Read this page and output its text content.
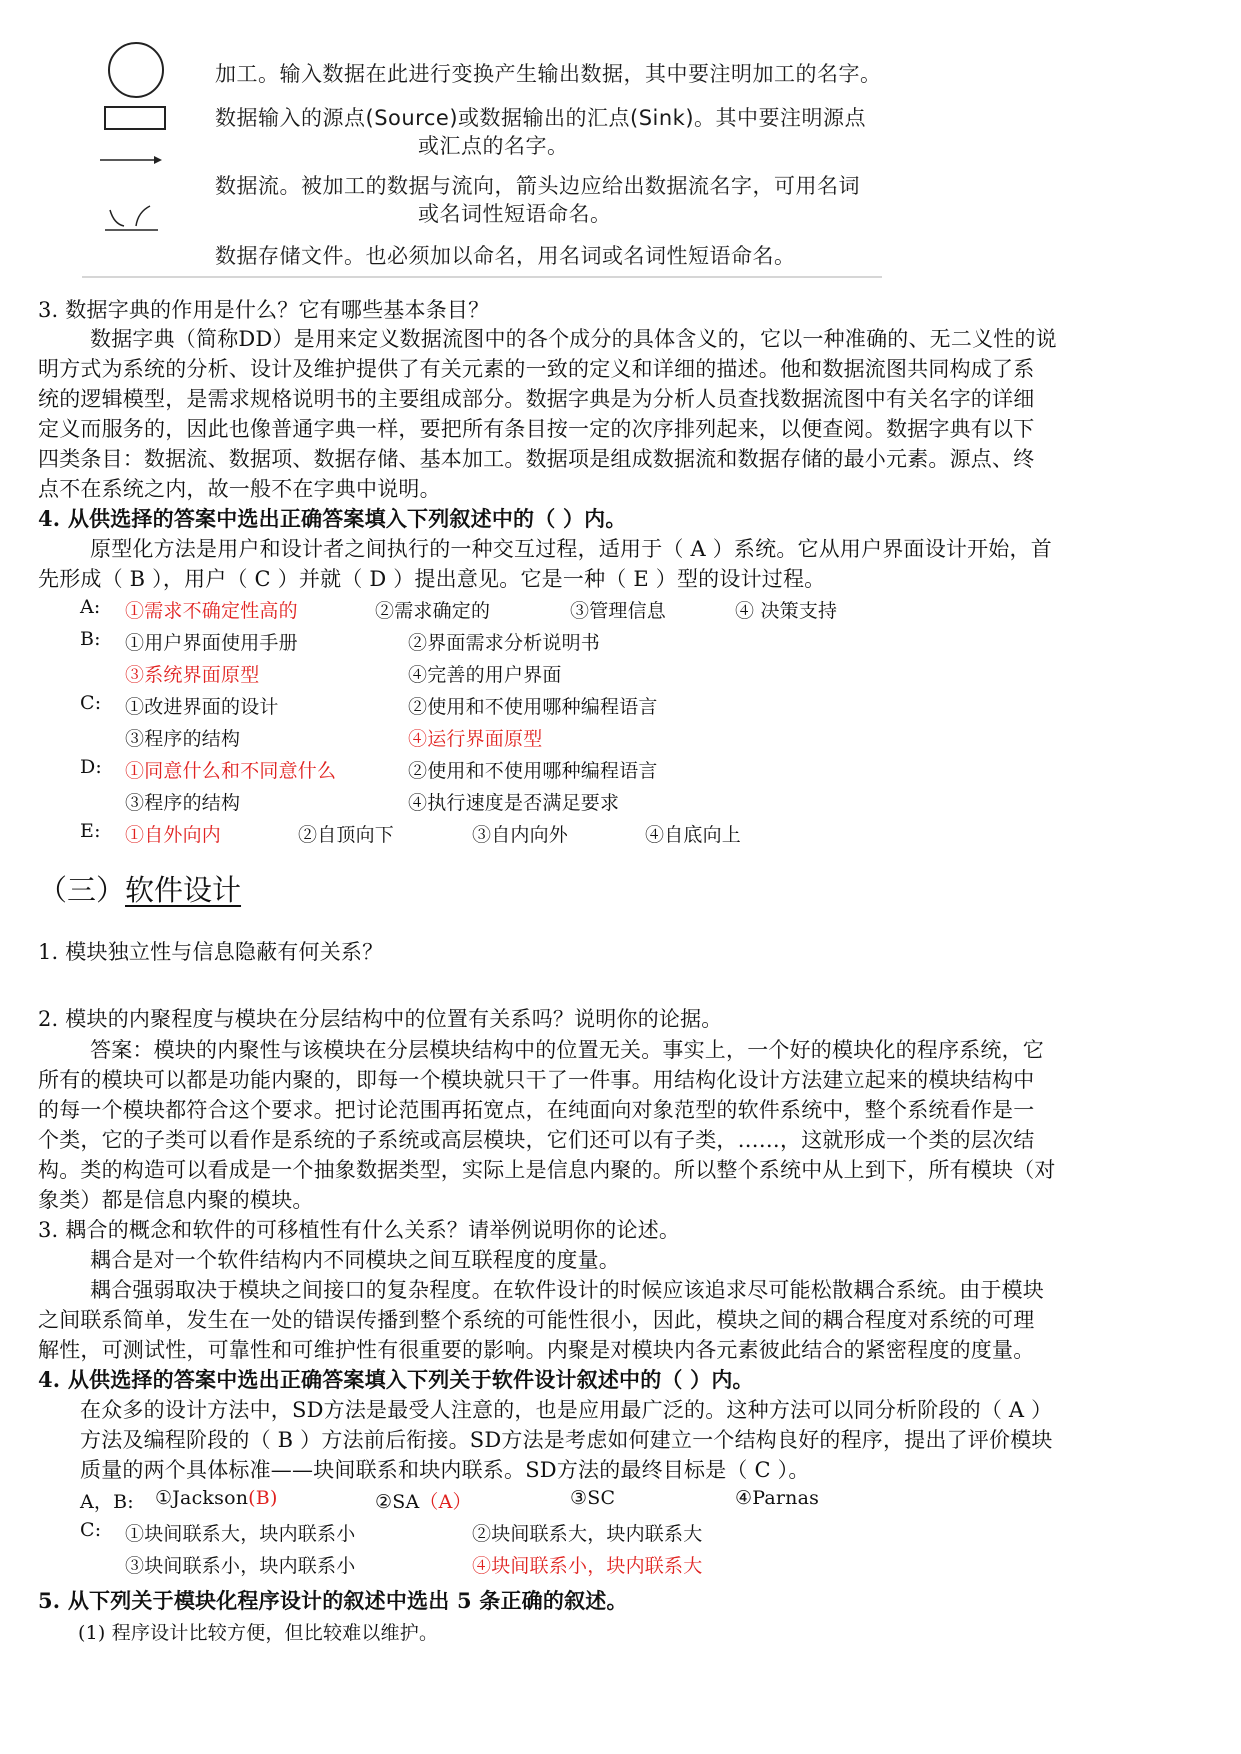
加工。输入数据在此进行变换产生输出数据，其中要注明加工的名字。
数据输入的源点(Source)或数据输出的汇点(Sink)。其中要注明源点
或汇点的名字。
数据流。被加工的数据与流向，箭头边应给出数据流名字，可用名词
或名词性短语命名。
数据存储文件。也必须加以命名，用名词或名词性短语命名。
3. 数据字典的作用是什么？它有哪些基本条目？
数据字典（简称DD）是用来定义数据流图中的各个成分的具体含义的，它以一种准确的、无二义性的说
明方式为系统的分析、设计及维护提供了有关元素的一致的定义和详细的描述。他和数据流图共同构成了系
统的逻辑模型，是需求规格说明书的主要组成部分。数据字典是为分析人员查找数据流图中有关名字的详细
定义而服务的，因此也像普通字典一样，要把所有条目按一定的次序排列起来，以便查阅。数据字典有以下
四类条目：数据流、数据项、数据存储、基本加工。数据项是组成数据流和数据存储的最小元素。源点、终
点不在系统之内，故一般不在字典中说明。
4. 从供选择的答案中选出正确答案填入下列叙述中的（ ）内。
原型化方法是用户和设计者之间执行的一种交互过程，适用于（ A ）系统。它从用户界面设计开始，首
先形成（ B ），用户（ C ）并就（ D ）提出意见。它是一种（ E ）型的设计过程。
A: ①需求不确定性高的	②需求确定的	③管理信息	④ 决策支持
B: ①用户界面使用手册	②界面需求分析说明书
③系统界面原型	④完善的用户界面
C: ①改进界面的设计	②使用和不使用哪种编程语言
③程序的结构	④运行界面原型
D: ①同意什么和不同意什么	②使用和不使用哪种编程语言
③程序的结构	④执行速度是否满足要求
E: ①自外向内	②自顶向下	③自内向外	④自底向上
（三）软件设计
1. 模块独立性与信息隐蔽有何关系？
2. 模块的内聚程度与模块在分层结构中的位置有关系吗？说明你的论据。
答案：模块的内聚性与该模块在分层模块结构中的位置无关。事实上，一个好的模块化的程序系统，它
所有的模块可以都是功能内聚的，即每一个模块就只干了一件事。用结构化设计方法建立起来的模块结构中
的每一个模块都符合这个要求。把讨论范围再拓宽点，在纯面向对象范型的软件系统中，整个系统看作是一
个类，它的子类可以看作是系统的子系统或高层模块，它们还可以有子类，……，这就形成一个类的层次结
构。类的构造可以看成是一个抽象数据类型，实际上是信息内聚的。所以整个系统中从上到下，所有模块（对
象类）都是信息内聚的模块。
3. 耦合的概念和软件的可移植性有什么关系？请举例说明你的论述。
耦合是对一个软件结构内不同模块之间互联程度的度量。
耦合强弱取决于模块之间接口的复杂程度。在软件设计的时候应该追求尽可能松散耦合系统。由于模块
之间联系简单，发生在一处的错误传播到整个系统的可能性很小，因此，模块之间的耦合程度对系统的可理
解性，可测试性，可靠性和可维护性有很重要的影响。内聚是对模块内各元素彼此结合的紧密程度的度量。
4. 从供选择的答案中选出正确答案填入下列关于软件设计叙述中的（ ）内。
在众多的设计方法中，SD方法是最受人注意的，也是应用最广泛的。这种方法可以同分析阶段的（ A ）
方法及编程阶段的（ B ）方法前后衔接。SD方法是考虑如何建立一个结构良好的程序，提出了评价模块
质量的两个具体标准——块间联系和块内联系。SD方法的最终目标是（ C ）。
A，B: ①Jackson(B)	②SA（A）	③SC	④Parnas
C: ①块间联系大，块内联系小	②块间联系大，块内联系大
③块间联系小，块内联系小	④块间联系小，块内联系大
5. 从下列关于模块化程序设计的叙述中选出 5 条正确的叙述。
(1) 程序设计比较方便，但比较难以维护。
